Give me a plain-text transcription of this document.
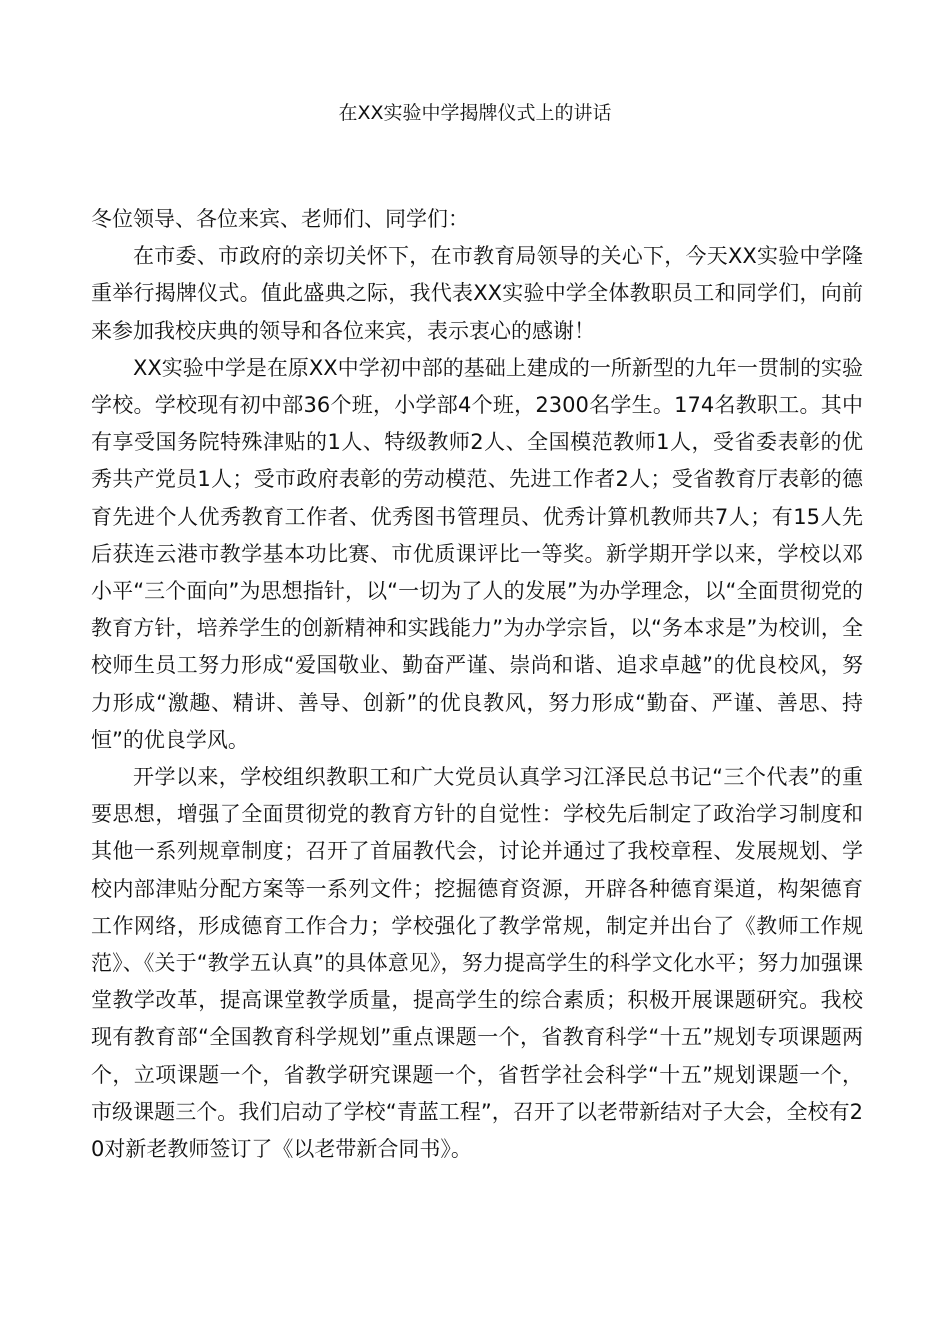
在XX实验中学揭牌仪式上的讲话

冬位领导、各位来宾、老师们、同学们：

在市委、市政府的亲切关怀下，在市教育局领导的关心下，今天XX实验中学隆重举行揭牌仪式。值此盛典之际，我代表XX实验中学全体教职员工和同学们，向前来参加我校庆典的领导和各位来宾，表示衷心的感谢！

XX实验中学是在原XX中学初中部的基础上建成的一所新型的九年一贯制的实验学校。学校现有初中部36个班，小学部4个班，2300名学生。174名教职工。其中有享受国务院特殊津贴的1人、特级教师2人、全国模范教师1人，受省委表彰的优秀共产党员1人；受市政府表彰的劳动模范、先进工作者2人；受省教育厅表彰的德育先进个人优秀教育工作者、优秀图书管理员、优秀计算机教师共7人；有15人先后获连云港市教学基本功比赛、市优质课评比一等奖。新学期开学以来，学校以邓小平“三个面向”为思想指针，以“一切为了人的发展”为办学理念，以“全面贯彻党的教育方针，培养学生的创新精神和实践能力”为办学宗旨，以“务本求是”为校训，全校师生员工努力形成“爱国敬业、勤奋严谨、崇尚和谐、追求卓越”的优良校风，努力形成“激趣、精讲、善导、创新”的优良教风，努力形成“勤奋、严谨、善思、持恒”的优良学风。

开学以来，学校组织教职工和广大党员认真学习江泽民总书记“三个代表”的重要思想，增强了全面贯彻党的教育方针的自觉性：学校先后制定了政治学习制度和其他一系列规章制度；召开了首届教代会，讨论并通过了我校章程、发展规划、学校内部津贴分配方案等一系列文件；挖掘德育资源，开辟各种德育渠道，构架德育工作网络，形成德育工作合力；学校强化了教学常规，制定并出台了《教师工作规范》、《关于“教学五认真”的具体意见》，努力提高学生的科学文化水平；努力加强课堂教学改革，提高课堂教学质量，提高学生的综合素质；积极开展课题研究。我校现有教育部“全国教育科学规划”重点课题一个，省教育科学“十五”规划专项课题两个，立项课题一个，省教学研究课题一个，省哲学社会科学“十五”规划课题一个，市级课题三个。我们启动了学校“青蓝工程”，召开了以老带新结对子大会，全校有20对新老教师签订了《以老带新合同书》。
